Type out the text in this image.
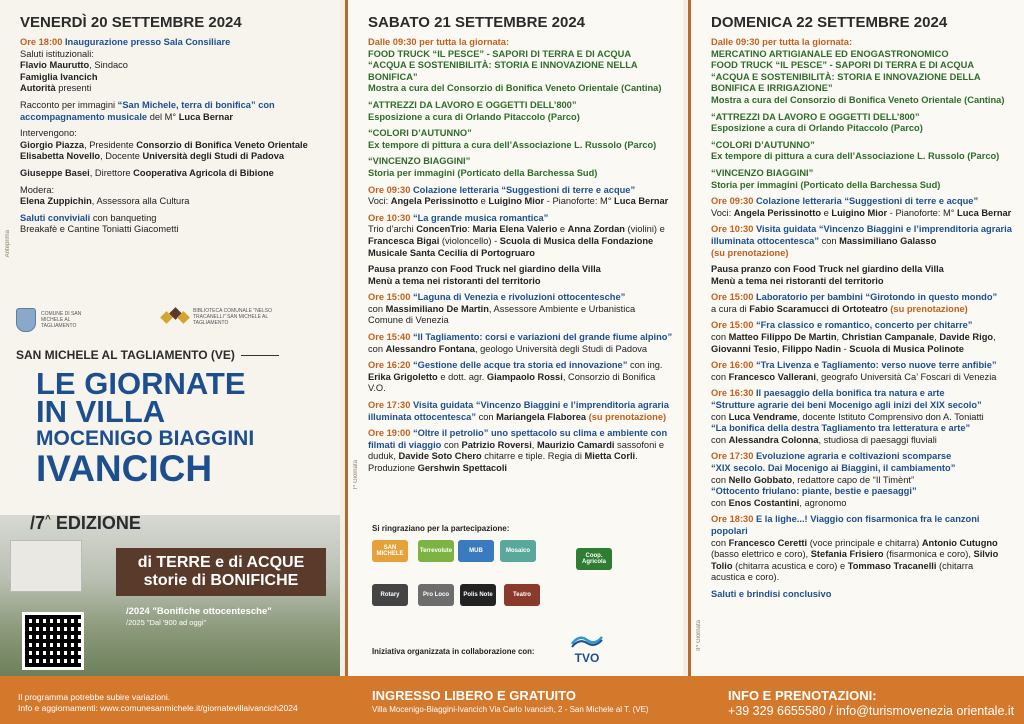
VENERDÌ 20 SETTEMBRE 2024
Ore 18:00 Inaugurazione presso Sala Consiliare
Saluti istituzionali:
Flavio Maurutto, Sindaco
Famiglia Ivancich
Autorità presenti
Racconto per immagini “San Michele, terra di bonifica” con
accompagnamento musicale del M° Luca Bernar
Intervengono:
Giorgio Piazza, Presidente Consorzio di Bonifica Veneto Orientale
Elisabetta Novello, Docente Università degli Studi di Padova
Giuseppe Basei, Direttore Cooperativa Agricola di Bibione
Modera:
Elena Zuppichin, Assessora alla Cultura
Saluti conviviali con banqueting
Breakafè e Cantine Toniatti Giacometti
Anteprima
COMUNE DI SAN MICHELE AL TAGLIAMENTO
BIBLIOTECA COMUNALE "NELSO TRACANELLI" SAN MICHELE AL TAGLIAMENTO
SAN MICHELE AL TAGLIAMENTO (VE)
LE GIORNATE
IN VILLA
MOCENIGO BIAGGINI
IVANCICH
/7^ EDIZIONE
di TERRE e di ACQUE
storie di BONIFICHE
/2024 "Bonifiche ottocentesche"
/2025 "Dal '900 ad oggi"
SABATO 21 SETTEMBRE 2024
Dalle 09:30 per tutta la giornata:
FOOD TRUCK “IL PESCE” - SAPORI DI TERRA E DI ACQUA
“ACQUA E SOSTENIBILITÀ: STORIA E INNOVAZIONE NELLA
BONIFICA”
Mostra a cura del Consorzio di Bonifica Veneto Orientale (Cantina)
“ATTREZZI DA LAVORO E OGGETTI DELL’800”
Esposizione a cura di Orlando Pitaccolo (Parco)
“COLORI D’AUTUNNO”
Ex tempore di pittura a cura dell’Associazione L. Russolo (Parco)
“VINCENZO BIAGGINI”
Storia per immagini (Porticato della Barchessa Sud)
Ore 09:30 Colazione letteraria “Suggestioni di terre e acque”
Voci: Angela Perissinotto e Luigino Mior - Pianoforte: M° Luca Bernar
Ore 10:30 “La grande musica romantica”
Trio d’archi ConcenTrio: Maria Elena Valerio e Anna Zordan (violini) e
Francesca Bigai (violoncello) - Scuola di Musica della Fondazione
Musicale Santa Cecilia di Portogruaro
Pausa pranzo con Food Truck nel giardino della Villa
Menù a tema nei ristoranti del territorio
Ore 15:00 “Laguna di Venezia e rivoluzioni ottocentesche”
con Massimiliano De Martin, Assessore Ambiente e Urbanistica
Comune di Venezia
Ore 15:40 “Il Tagliamento: corsi e variazioni del grande fiume alpino”
con Alessandro Fontana, geologo Università degli Studi di Padova
Ore 16:20 “Gestione delle acque tra storia ed innovazione” con ing.
Erika Grigoletto e dott. agr. Giampaolo Rossi, Consorzio di Bonifica V.O.
Ore 17:30 Visita guidata “Vincenzo Biaggini e l’imprenditoria agraria
illuminata ottocentesca” con Mariangela Flaborea (su prenotazione)
Ore 19:00 “Oltre il petrolio” uno spettacolo su clima e ambiente con
filmati di viaggio con Patrizio Roversi, Maurizio Camardi sassofoni e
duduk, Davide Soto Chero chitarre e tiple. Regia di Mietta Corli.
Produzione Gershwin Spettacoli
I^ Giornata
Si ringraziano per la partecipazione:
SAN MICHELE	Terrevolute	MUB	Mosaico
Coop. Agricola
Rotary	Pro Loco	Polis Note	Teatro
Iniziativa organizzata in collaborazione con:	TVO
DOMENICA 22 SETTEMBRE 2024
Dalle 09:30 per tutta la giornata:
MERCATINO ARTIGIANALE ED ENOGASTRONOMICO
FOOD TRUCK “IL PESCE” - SAPORI DI TERRA E DI ACQUA
“ACQUA E SOSTENIBILITÀ: STORIA E INNOVAZIONE DELLA
BONIFICA E IRRIGAZIONE”
Mostra a cura del Consorzio di Bonifica Veneto Orientale (Cantina)
“ATTREZZI DA LAVORO E OGGETTI DELL’800”
Esposizione a cura di Orlando Pitaccolo (Parco)
“COLORI D’AUTUNNO”
Ex tempore di pittura a cura dell’Associazione L. Russolo (Parco)
“VINCENZO BIAGGINI”
Storia per immagini (Porticato della Barchessa Sud)
Ore 09:30 Colazione letteraria “Suggestioni di terre e acque”
Voci: Angela Perissinotto e Luigino Mior - Pianoforte: M° Luca Bernar
Ore 10:30 Visita guidata “Vincenzo Biaggini e l’imprenditoria agraria
illuminata ottocentesca” con Massimiliano Galasso
(su prenotazione)
Pausa pranzo con Food Truck nel giardino della Villa
Menù a tema nei ristoranti del territorio
Ore 15:00 Laboratorio per bambini “Girotondo in questo mondo”
a cura di Fabio Scaramucci di Ortoteatro (su prenotazione)
Ore 15:00 “Fra classico e romantico, concerto per chitarre”
con Matteo Filippo De Martin, Christian Campanale, Davide Rigo,
Giovanni Tesio, Filippo Nadin - Scuola di Musica Polinote
Ore 16:00 “Tra Livenza e Tagliamento: verso nuove terre anfibie”
con Francesco Vallerani, geografo Università Ca’ Foscari di Venezia
Ore 16:30 Il paesaggio della bonifica tra natura e arte
“Strutture agrarie dei beni Mocenigo agli inizi del XIX secolo”
con Luca Vendrame, docente Istituto Comprensivo don A. Toniatti
“La bonifica della destra Tagliamento tra letteratura e arte”
con Alessandra Colonna, studiosa di paesaggi fluviali
Ore 17:30 Evoluzione agraria e coltivazioni scomparse
“XIX secolo. Dai Mocenigo ai Biaggini, il cambiamento”
con Nello Gobbato, redattore capo de “Il Timènt”
“Ottocento friulano: piante, bestie e paesaggi”
con Enos Costantini, agronomo
Ore 18:30 E la lighe...! Viaggio con fisarmonica fra le canzoni popolari
con Francesco Ceretti (voce principale e chitarra) Antonio Cutugno
(basso elettrico e coro), Stefania Frisiero (fisarmonica e coro), Silvio
Tolio (chitarra acustica e coro) e Tommaso Tracanelli (chitarra
acustica e coro).
Saluti e brindisi conclusivo
II^ Giornata
Il programma potrebbe subire variazioni.
Info e aggiornamenti: www.comunesanmichele.it/giornatevillaivancich2024
INGRESSO LIBERO E GRATUITO
Villa Mocenigo-Biaggini-Ivancich Via Carlo Ivancich, 2 - San Michele al T. (VE)
INFO E PRENOTAZIONI:
+39 329 6655580 / info@turismovenezia orientale.it
